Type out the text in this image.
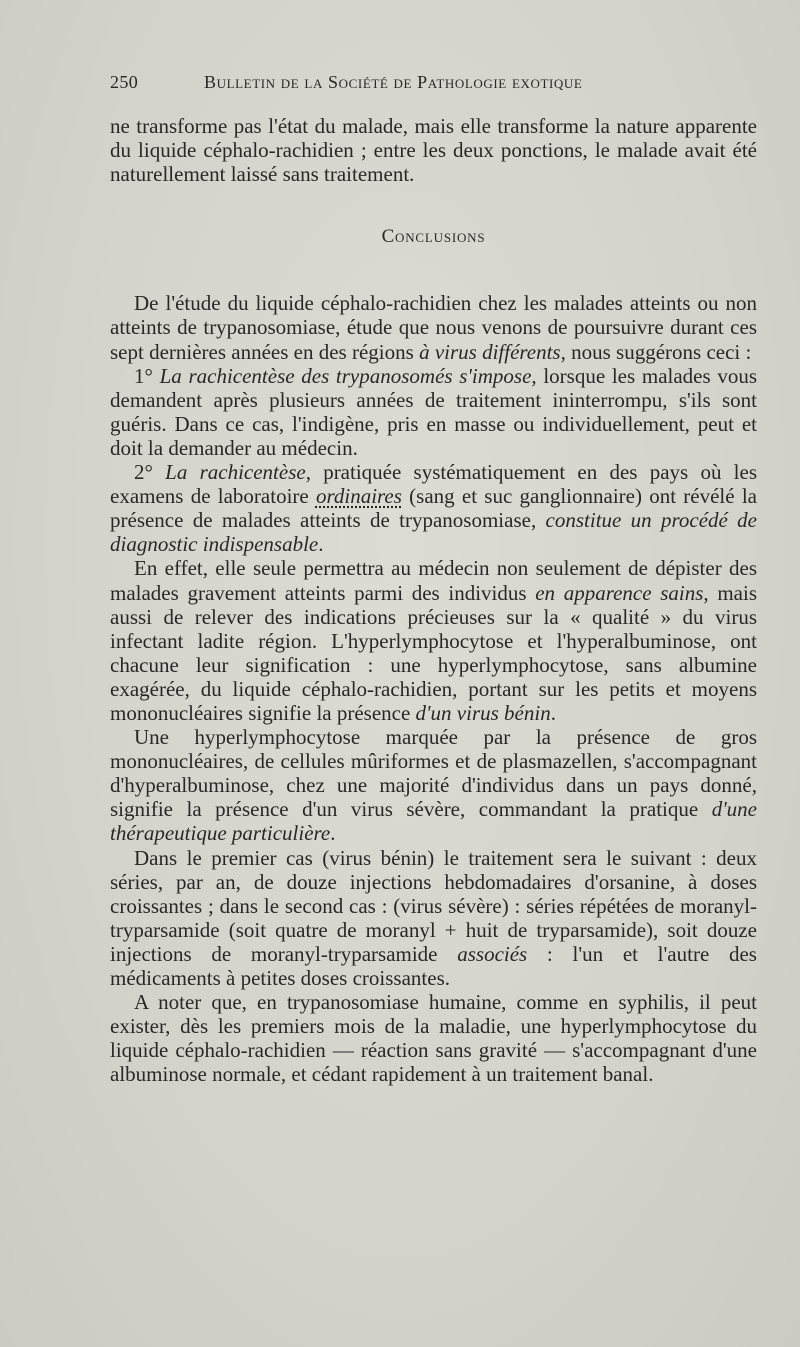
250	Bulletin de la Société de Pathologie exotique

ne transforme pas l'état du malade, mais elle transforme la nature apparente du liquide céphalo-rachidien ; entre les deux ponctions, le malade avait été naturellement laissé sans traitement.

Conclusions

De l'étude du liquide céphalo-rachidien chez les malades atteints ou non atteints de trypanosomiase, étude que nous venons de poursuivre durant ces sept dernières années en des régions à virus différents, nous suggérons ceci :

1° La rachicentèse des trypanosomés s'impose, lorsque les malades vous demandent après plusieurs années de traitement ininterrompu, s'ils sont guéris. Dans ce cas, l'indigène, pris en masse ou individuellement, peut et doit la demander au médecin.

2° La rachicentèse, pratiquée systématiquement en des pays où les examens de laboratoire ordinaires (sang et suc ganglionnaire) ont révélé la présence de malades atteints de trypanosomiase, constitue un procédé de diagnostic indispensable.

En effet, elle seule permettra au médecin non seulement de dépister des malades gravement atteints parmi des individus en apparence sains, mais aussi de relever des indications précieuses sur la « qualité » du virus infectant ladite région. L'hyperlymphocytose et l'hyperalbuminose, ont chacune leur signification : une hyperlymphocytose, sans albumine exagérée, du liquide céphalo-rachidien, portant sur les petits et moyens mononucléaires signifie la présence d'un virus bénin.

Une hyperlymphocytose marquée par la présence de gros mononucléaires, de cellules mûriformes et de plasmazellen, s'accompagnant d'hyperalbuminose, chez une majorité d'individus dans un pays donné, signifie la présence d'un virus sévère, commandant la pratique d'une thérapeutique particulière.

Dans le premier cas (virus bénin) le traitement sera le suivant : deux séries, par an, de douze injections hebdomadaires d'orsanine, à doses croissantes ; dans le second cas : (virus sévère) : séries répétées de moranyl-tryparsamide (soit quatre de moranyl + huit de tryparsamide), soit douze injections de moranyl-tryparsamide associés : l'un et l'autre des médicaments à petites doses croissantes.

A noter que, en trypanosomiase humaine, comme en syphilis, il peut exister, dès les premiers mois de la maladie, une hyperlymphocytose du liquide céphalo-rachidien — réaction sans gravité — s'accompagnant d'une albuminose normale, et cédant rapidement à un traitement banal.
